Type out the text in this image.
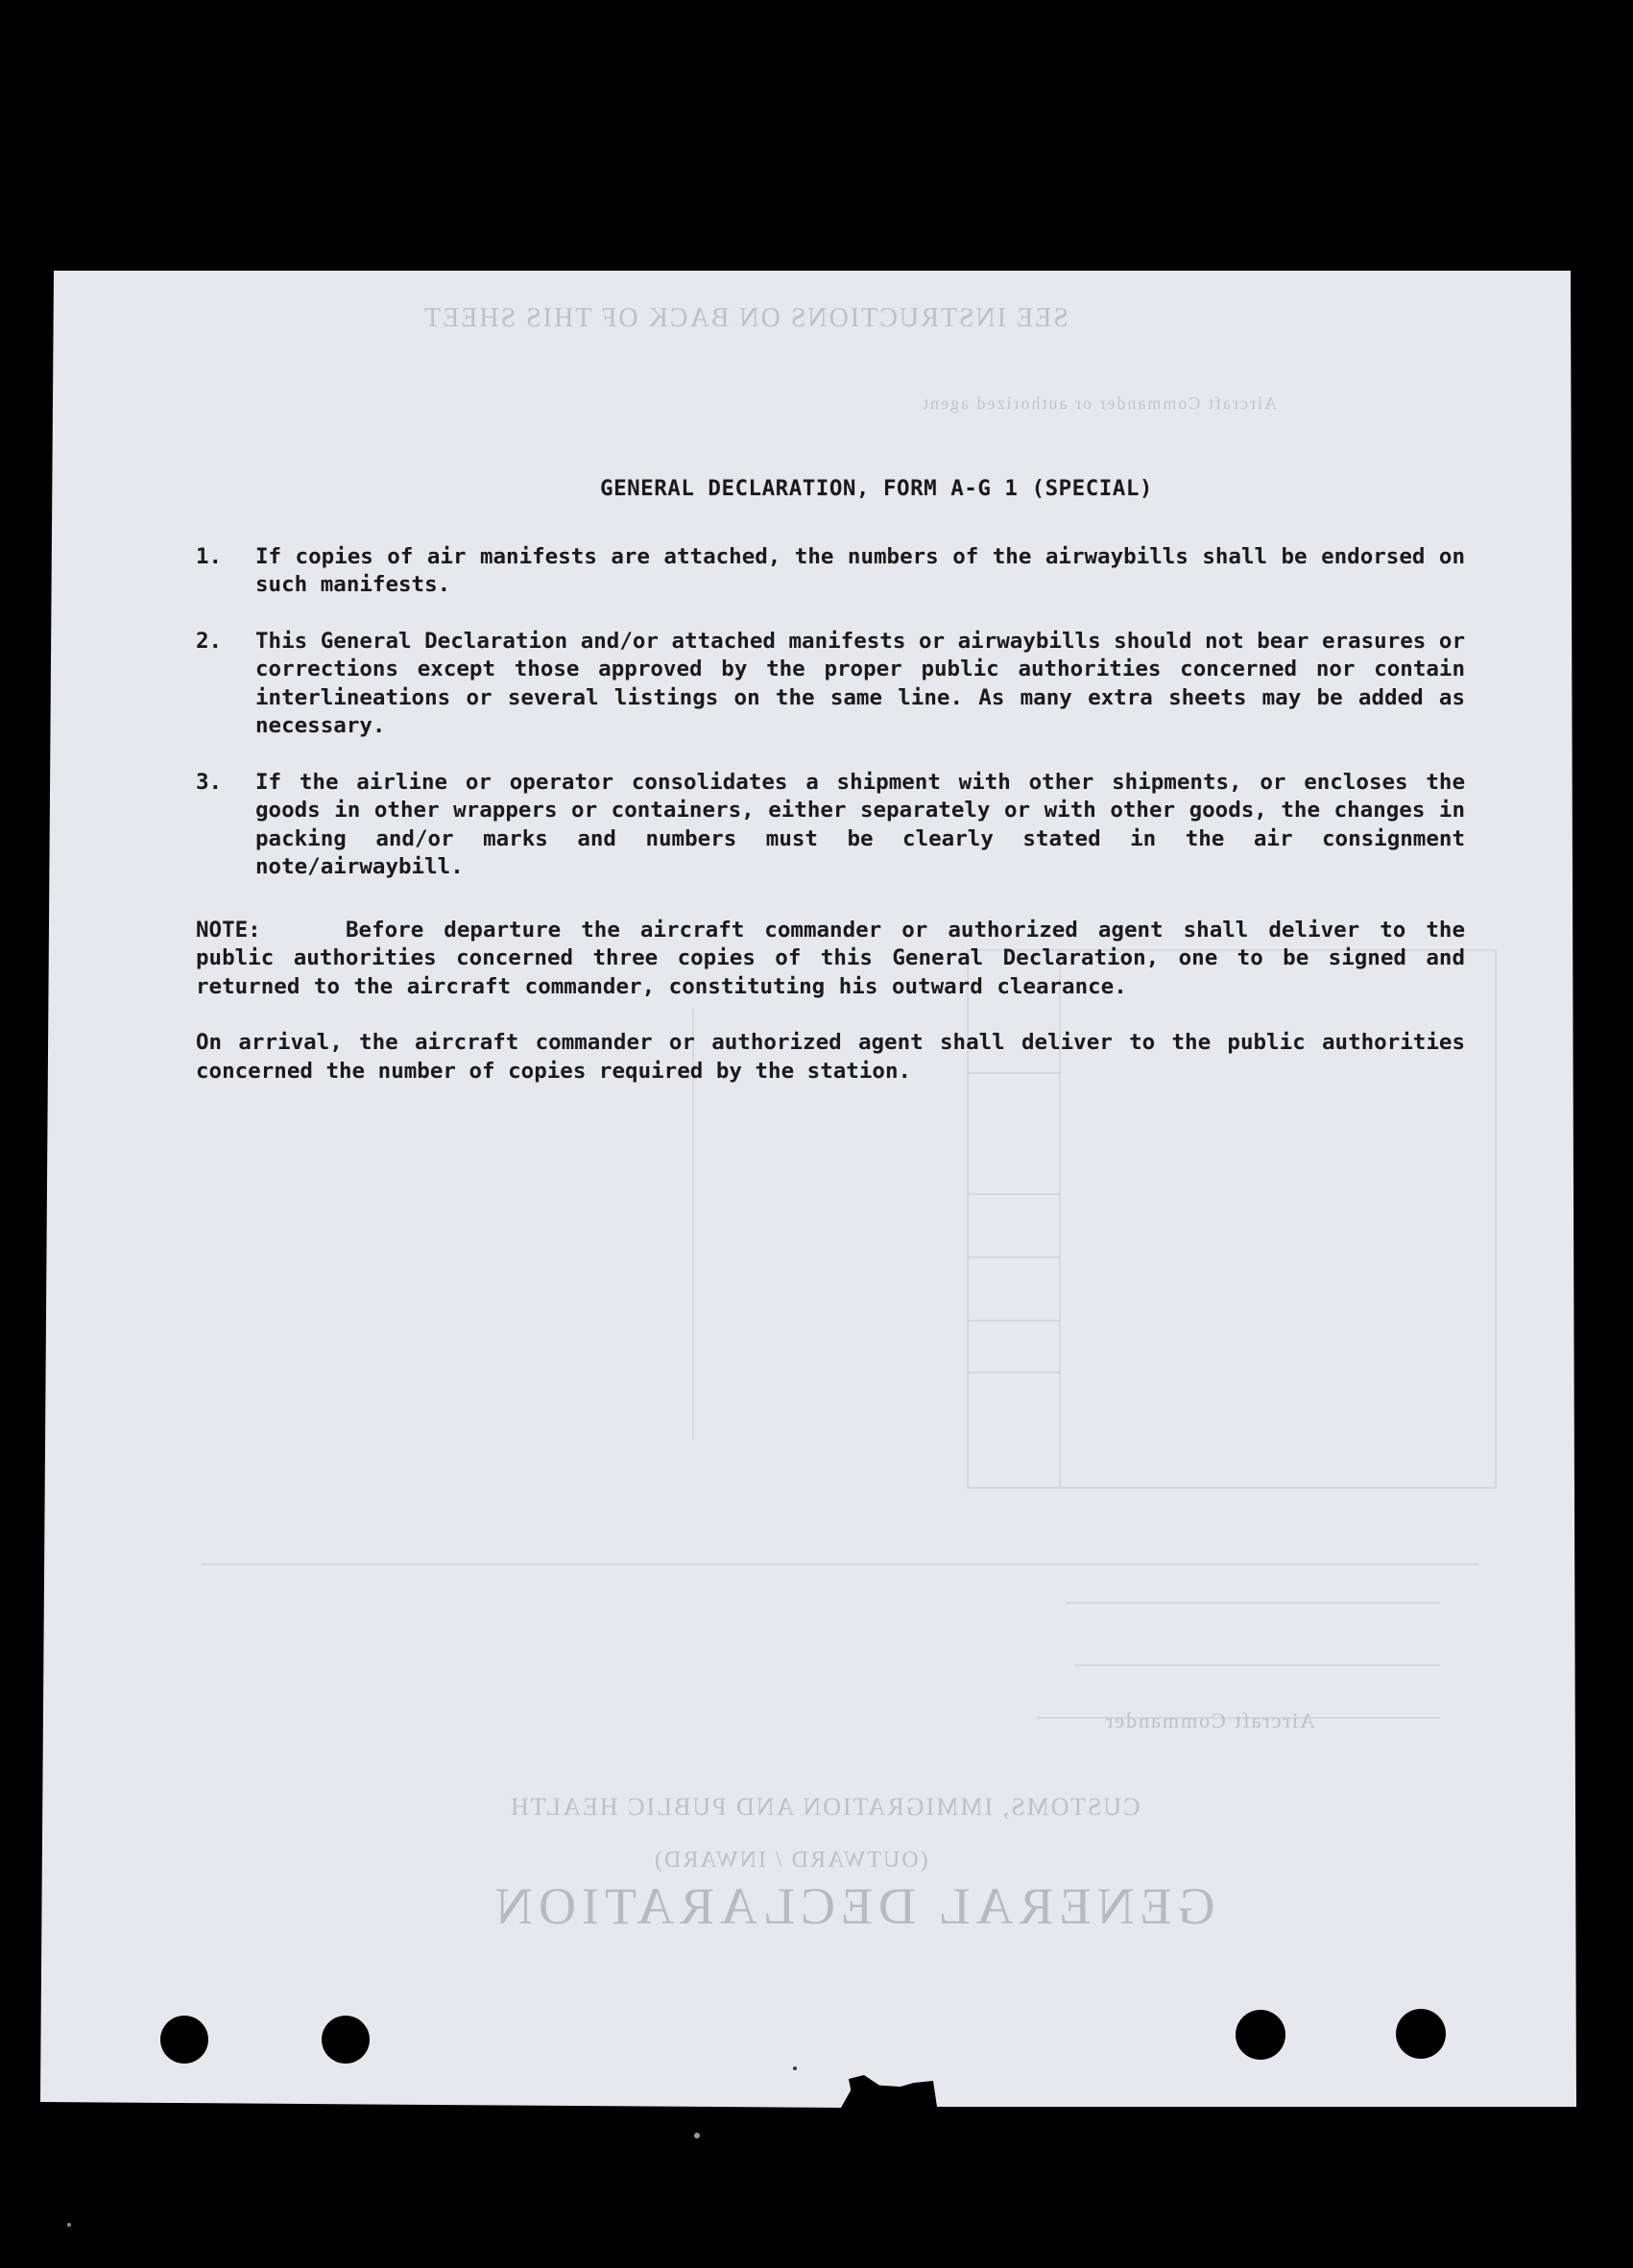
SEE INSTRUCTIONS ON BACK OF THIS SHEET
Aircraft Commander or authorized agent
Aircraft Commander
CUSTOMS, IMMIGRATION AND PUBLIC HEALTH
(OUTWARD / INWARD)
GENERAL DECLARATION
GENERAL DECLARATION, FORM A-G 1 (SPECIAL)
1.	If copies of air manifests are attached, the numbers of the airwaybills shall be endorsed on such manifests.
2.	This General Declaration and/or attached manifests or airwaybills should not bear erasures or corrections except those approved by the proper public authorities concerned nor contain interlineations or several listings on the same line. As many extra sheets may be added as necessary.
3.	If the airline or operator consolidates a shipment with other shipments, or encloses the goods in other wrappers or containers, either separately or with other goods, the changes in packing and/or marks and numbers must be clearly stated in the air consignment note/airwaybill.
NOTE:	Before departure the aircraft commander or authorized agent shall deliver to the public authorities concerned three copies of this General Declaration, one to be signed and returned to the aircraft commander, constituting his outward clearance.
On arrival, the aircraft commander or authorized agent shall deliver to the public authorities concerned the number of copies required by the station.
